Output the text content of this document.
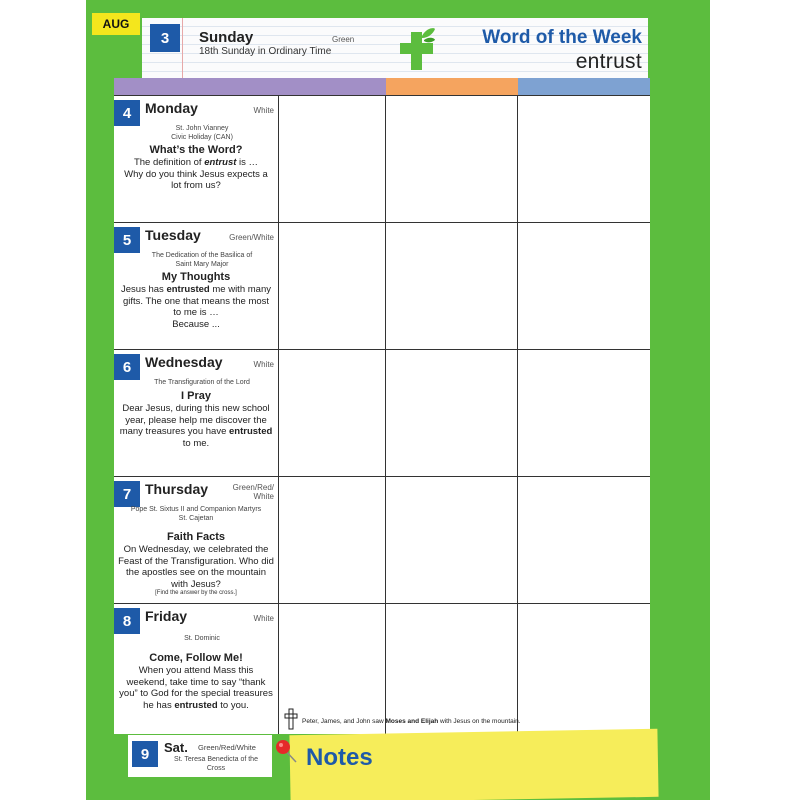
AUG
3	Sunday	Green
18th Sunday in Ordinary Time
Word of the Week
entrust
4 Monday	White
St. John Vianney
Civic Holiday (CAN)
What’s the Word?
The definition of entrust is …
Why do you think Jesus expects a lot from us?
5 Tuesday	Green/White
The Dedication of the Basilica of
Saint Mary Major
My Thoughts
Jesus has entrusted me with many gifts. The one that means the most to me is …
Because ...
6 Wednesday	White
The Transfiguration of the Lord
I Pray
Dear Jesus, during this new school year, please help me discover the many treasures you have entrusted to me.
7 Thursday	Green/Red/
White
Pope St. Sixtus II and Companion Martyrs
St. Cajetan
Faith Facts
On Wednesday, we celebrated the Feast of the Transfiguration. Who did the apostles see on the mountain with Jesus?
[Find the answer by the cross.]
8 Friday	White
St. Dominic
Come, Follow Me!
When you attend Mass this weekend, take time to say “thank you” to God for the special treasures he has entrusted to you.
Peter, James, and John saw Moses and Elijah with Jesus on the mountain.
9	Sat. Green/Red/White
St. Teresa Benedicta of the Cross	Notes
